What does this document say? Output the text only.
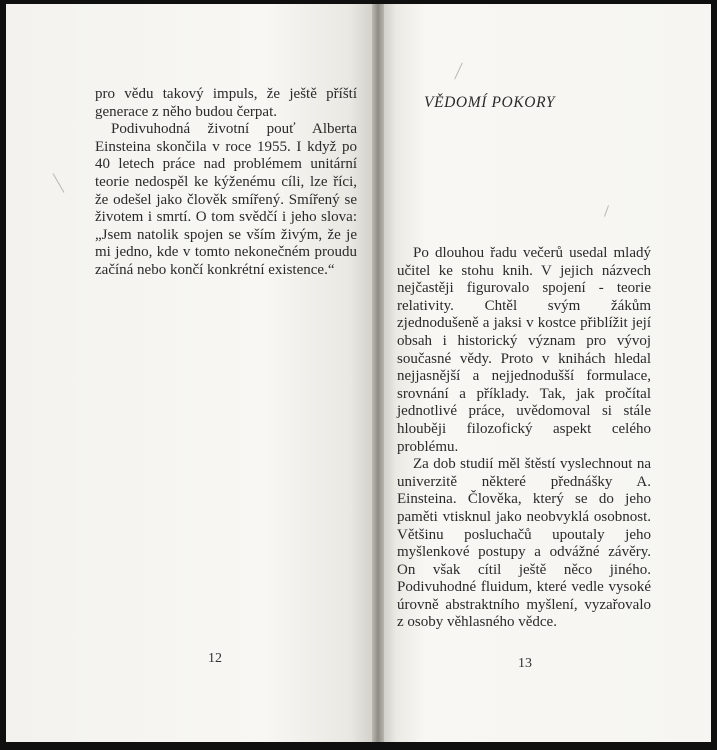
pro vědu takový impuls, že ještě příští generace z něho budou čerpat.

Podivuhodná životní pouť Alberta Einsteina skončila v roce 1955. I když po 40 letech práce nad problémem unitární teorie nedospěl ke kýženému cíli, lze říci, že odešel jako člověk smířený. Smířený se životem i smrtí. O tom svědčí i jeho slova: „Jsem natolik spojen se vším živým, že je mi jedno, kde v tomto nekonečném proudu začíná nebo končí konkrétní existence.“

VĚDOMÍ POKORY

Po dlouhou řadu večerů usedal mladý učitel ke stohu knih. V jejich názvech nejčastěji figurovalo spojení - teorie relativity. Chtěl svým žákům zjednodušeně a jaksi v kostce přiblížit její obsah i historický význam pro vývoj současné vědy. Proto v knihách hledal nejjasnější a nejjednodušší formulace, srovnání a příklady. Tak, jak pročítal jednotlivé práce, uvědomoval si stále hlouběji filozofický aspekt celého problému.

Za dob studií měl štěstí vyslechnout na univerzitě některé přednášky A. Einsteina. Člověka, který se do jeho paměti vtisknul jako neobvyklá osobnost. Většinu posluchačů upoutaly jeho myšlenkové postupy a odvážné závěry. On však cítil ještě něco jiného. Podivuhodné fluidum, které vedle vysoké úrovně abstraktního myšlení, vyzařovalo z osoby věhlasného vědce.

12	13
